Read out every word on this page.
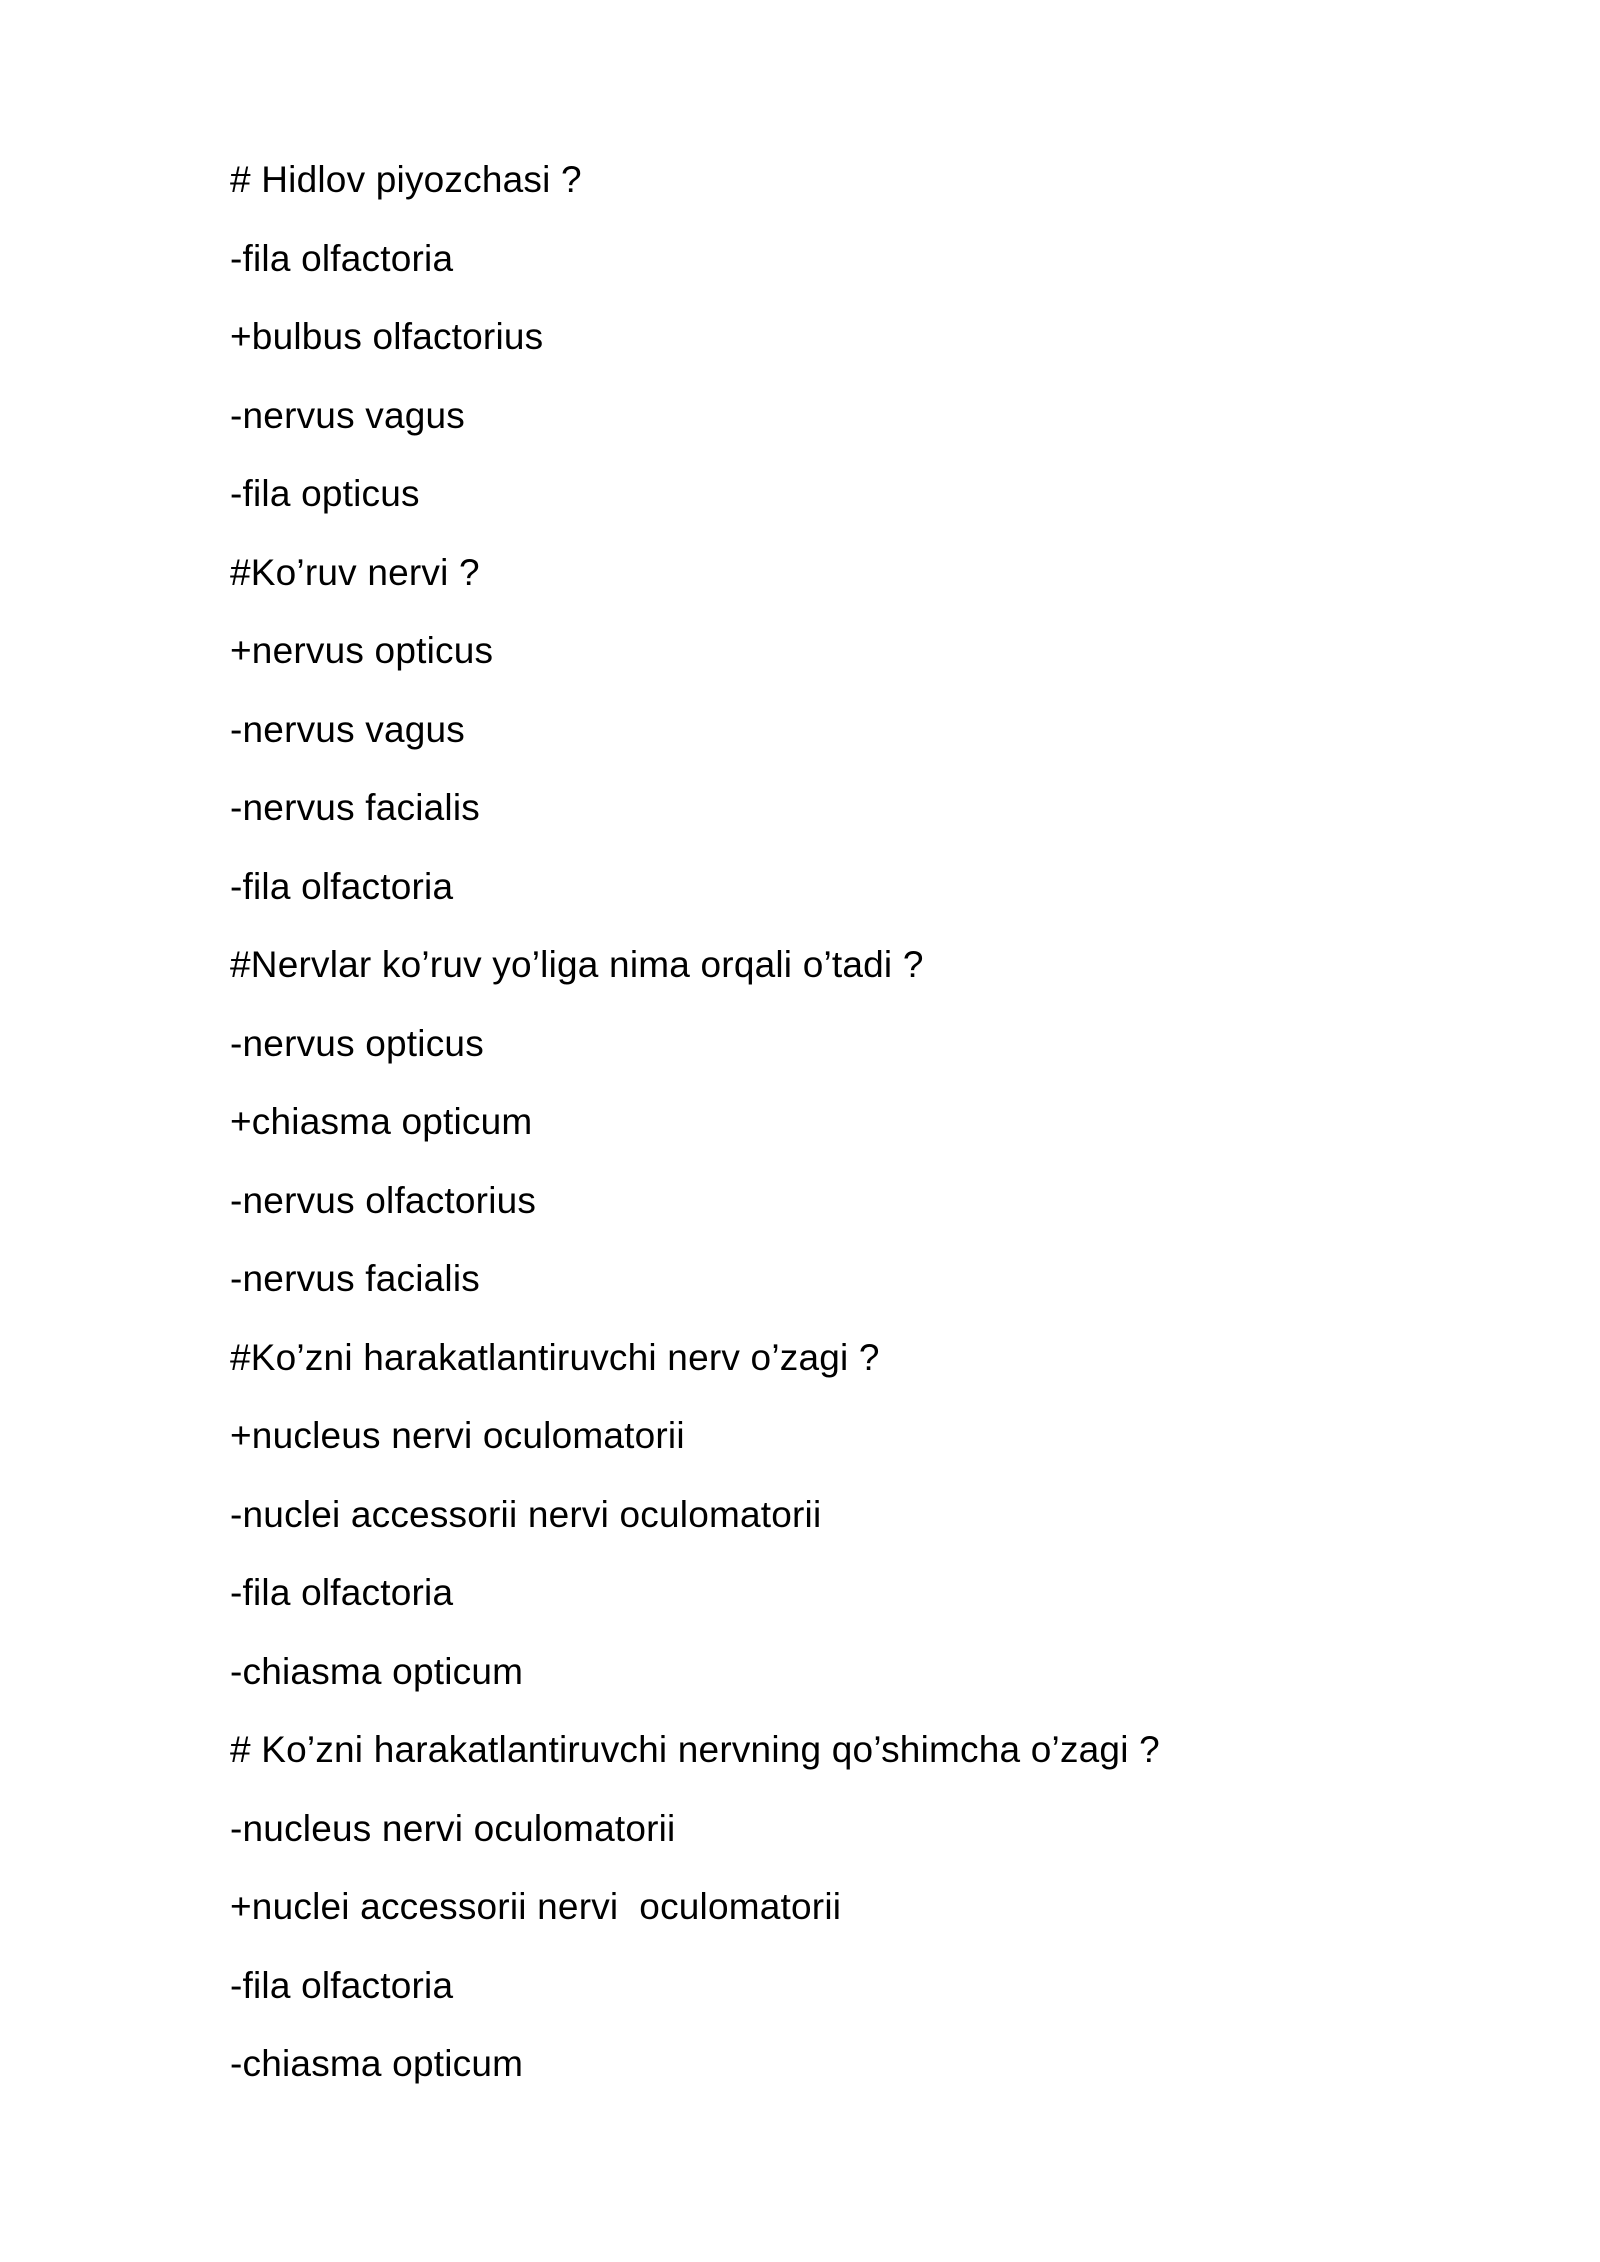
# Hidlov piyozchasi ?
-fila olfactoria
+bulbus olfactorius
-nervus vagus
-fila opticus
#Ko’ruv nervi ?
+nervus opticus
-nervus vagus
-nervus facialis
-fila olfactoria
#Nervlar ko’ruv yo’liga nima orqali o’tadi ?
-nervus opticus
+chiasma opticum
-nervus olfactorius
-nervus facialis
#Ko’zni harakatlantiruvchi nerv o’zagi ?
+nucleus nervi oculomatorii
-nuclei accessorii nervi oculomatorii
-fila olfactoria
-chiasma opticum
# Ko’zni harakatlantiruvchi nervning qo’shimcha o’zagi ?
-nucleus nervi oculomatorii
+nuclei accessorii nervi  oculomatorii
-fila olfactoria
-chiasma opticum
